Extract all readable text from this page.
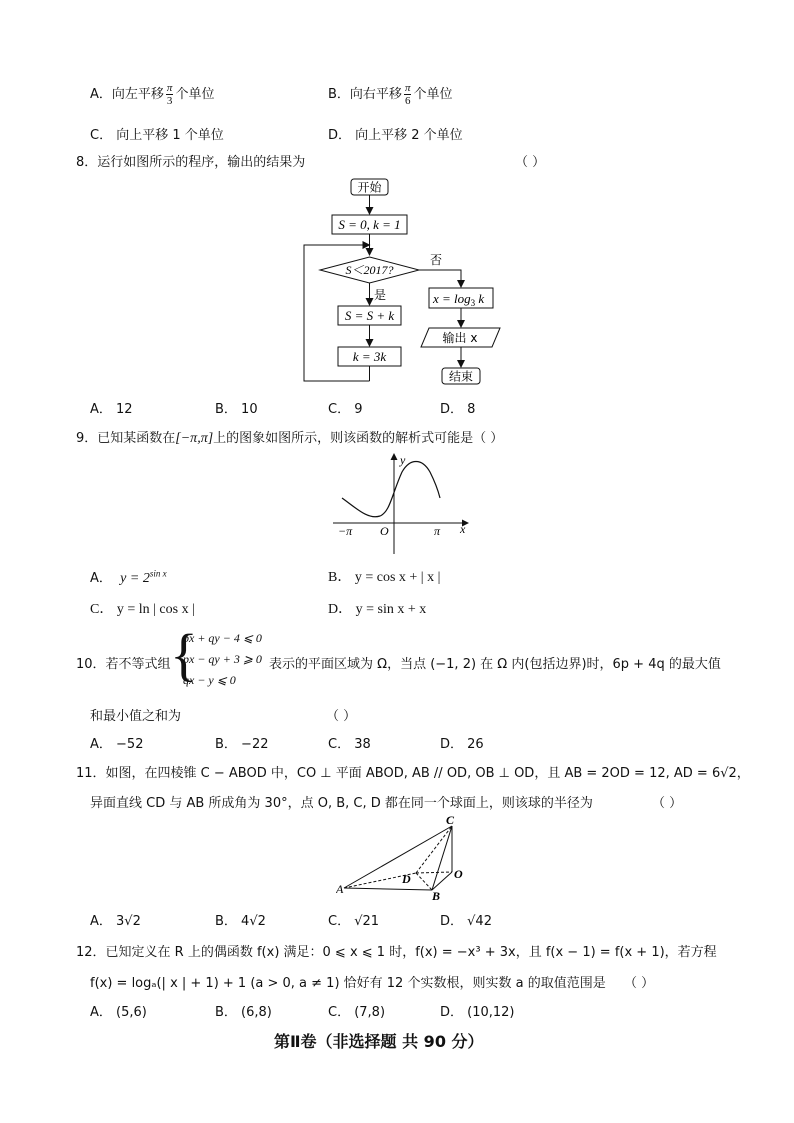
A．向左平移 $\frac{\pi}{3}$ 个单位	B．向右平移 $\frac{\pi}{6}$ 个单位
C． 向上平移 1 个单位	D． 向上平移 2 个单位
8．运行如图所示的程序，输出的结果为	（ ）
开始
S = 0, k = 1
S＜2017?
否
是
S = S + k
k = 3k
$x = \log_3 k$
输出 x
结束
A． 12	B． 10	C． 9	D． 8
9．已知某函数在[−π,π]上的图象如图所示，则该函数的解析式可能是（ ）
y
x
−π O	π
A． $y = 2^{sin x}$	B． y = cos x + | x |
C． y = ln | cos x |	D． y = sin x + x
10．若不等式组 {
px + qy − 4 ⩽ 0
px − qy + 3 ⩾ 0
qx − y ⩽ 0
表示的平面区域为 Ω，当点 (−1, 2) 在 Ω 内(包括边界)时，6p + 4q 的最大值
和最小值之和为	（ ）
A． −52	B． −22	C． 38	D． 26
11．如图，在四棱锥 C − ABOD 中，CO ⊥ 平面 ABOD, AB // OD, OB ⊥ OD，且 AB = 2OD = 12, AD = 6√2，
异面直线 CD 与 AB 所成角为 30°，点 O, B, C, D 都在同一个球面上，则该球的半径为	（ ）
C
A
D	O
B
A． 3√2	B． 4√2	C． √21	D． √42
12．已知定义在 R 上的偶函数 f(x) 满足：0 ⩽ x ⩽ 1 时，f(x) = −x³ + 3x，且 f(x − 1) = f(x + 1)，若方程
f(x) = logₐ(| x | + 1) + 1 (a > 0, a ≠ 1) 恰好有 12 个实数根，则实数 a 的取值范围是 （ ）
A． (5,6)	B． (6,8)	C． (7,8)	D． (10,12)
第Ⅱ卷（非选择题 共 90 分）
